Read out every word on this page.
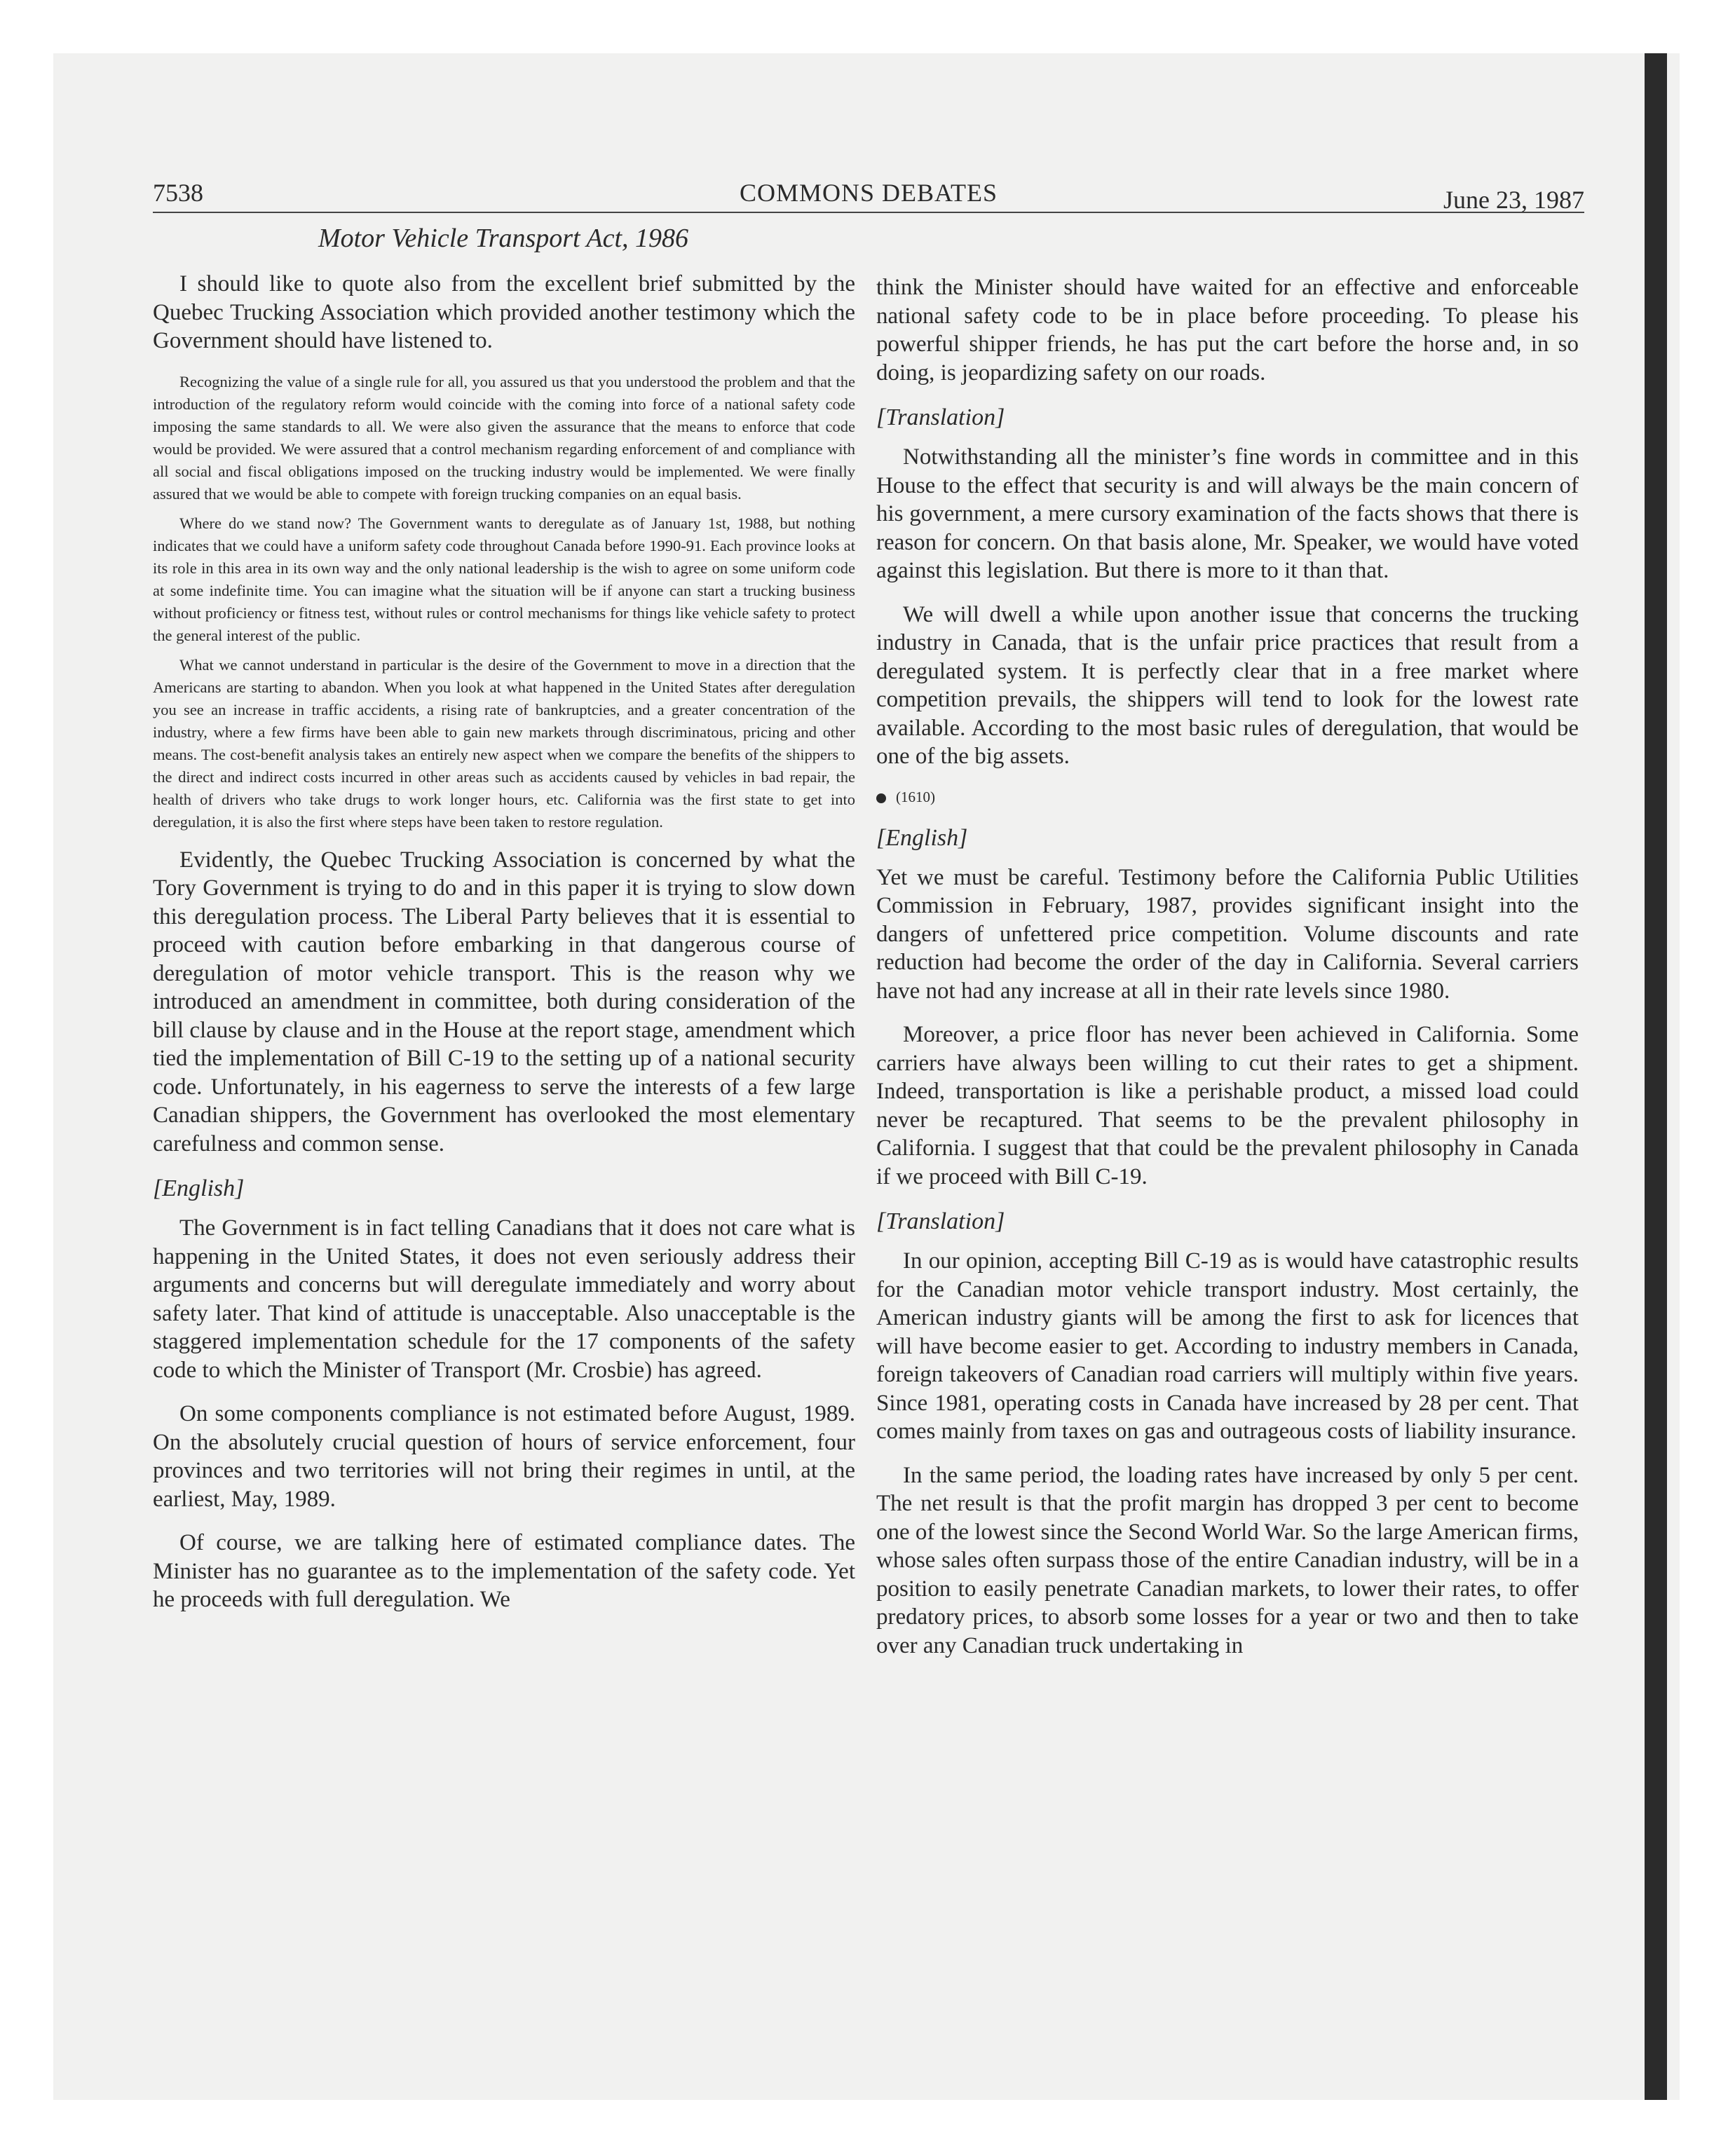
7538	COMMONS DEBATES	June 23, 1987
Motor Vehicle Transport Act, 1986

I should like to quote also from the excellent brief submitted by the Quebec Trucking Association which provided another testimony which the Government should have listened to.

Recognizing the value of a single rule for all, you assured us that you understood the problem and that the introduction of the regulatory reform would coincide with the coming into force of a national safety code imposing the same standards to all. We were also given the assurance that the means to enforce that code would be provided. We were assured that a control mechanism regarding enforcement of and compliance with all social and fiscal obligations imposed on the trucking industry would be implemented. We were finally assured that we would be able to compete with foreign trucking companies on an equal basis.

Where do we stand now? The Government wants to deregulate as of January 1st, 1988, but nothing indicates that we could have a uniform safety code throughout Canada before 1990-91. Each province looks at its role in this area in its own way and the only national leadership is the wish to agree on some uniform code at some indefinite time. You can imagine what the situation will be if anyone can start a trucking business without proficiency or fitness test, without rules or control mechanisms for things like vehicle safety to protect the general interest of the public.

What we cannot understand in particular is the desire of the Government to move in a direction that the Americans are starting to abandon. When you look at what happened in the United States after deregulation you see an increase in traffic accidents, a rising rate of bankruptcies, and a greater concentration of the industry, where a few firms have been able to gain new markets through discriminatous, pricing and other means. The cost-benefit analysis takes an entirely new aspect when we compare the benefits of the shippers to the direct and indirect costs incurred in other areas such as accidents caused by vehicles in bad repair, the health of drivers who take drugs to work longer hours, etc. California was the first state to get into deregulation, it is also the first where steps have been taken to restore regulation.

Evidently, the Quebec Trucking Association is concerned by what the Tory Government is trying to do and in this paper it is trying to slow down this deregulation process. The Liberal Party believes that it is essential to proceed with caution before embarking in that dangerous course of deregulation of motor vehicle transport. This is the reason why we introduced an amendment in committee, both during consideration of the bill clause by clause and in the House at the report stage, amendment which tied the implementation of Bill C-19 to the setting up of a national security code. Unfortunately, in his eagerness to serve the interests of a few large Canadian shippers, the Government has overlooked the most elementary carefulness and common sense.

[English]

The Government is in fact telling Canadians that it does not care what is happening in the United States, it does not even seriously address their arguments and concerns but will deregulate immediately and worry about safety later. That kind of attitude is unacceptable. Also unacceptable is the staggered implementation schedule for the 17 components of the safety code to which the Minister of Transport (Mr. Crosbie) has agreed.

On some components compliance is not estimated before August, 1989. On the absolutely crucial question of hours of service enforcement, four provinces and two territories will not bring their regimes in until, at the earliest, May, 1989.

Of course, we are talking here of estimated compliance dates. The Minister has no guarantee as to the implementation of the safety code. Yet he proceeds with full deregulation. We

think the Minister should have waited for an effective and enforceable national safety code to be in place before proceeding. To please his powerful shipper friends, he has put the cart before the horse and, in so doing, is jeopardizing safety on our roads.

[Translation]

Notwithstanding all the minister’s fine words in committee and in this House to the effect that security is and will always be the main concern of his government, a mere cursory examination of the facts shows that there is reason for concern. On that basis alone, Mr. Speaker, we would have voted against this legislation. But there is more to it than that.

We will dwell a while upon another issue that concerns the trucking industry in Canada, that is the unfair price practices that result from a deregulated system. It is perfectly clear that in a free market where competition prevails, the shippers will tend to look for the lowest rate available. According to the most basic rules of deregulation, that would be one of the big assets.

(1610)

[English]

Yet we must be careful. Testimony before the California Public Utilities Commission in February, 1987, provides significant insight into the dangers of unfettered price competition. Volume discounts and rate reduction had become the order of the day in California. Several carriers have not had any increase at all in their rate levels since 1980.

Moreover, a price floor has never been achieved in California. Some carriers have always been willing to cut their rates to get a shipment. Indeed, transportation is like a perishable product, a missed load could never be recaptured. That seems to be the prevalent philosophy in California. I suggest that that could be the prevalent philosophy in Canada if we proceed with Bill C-19.

[Translation]

In our opinion, accepting Bill C-19 as is would have catastrophic results for the Canadian motor vehicle transport industry. Most certainly, the American industry giants will be among the first to ask for licences that will have become easier to get. According to industry members in Canada, foreign takeovers of Canadian road carriers will multiply within five years. Since 1981, operating costs in Canada have increased by 28 per cent. That comes mainly from taxes on gas and outrageous costs of liability insurance.

In the same period, the loading rates have increased by only 5 per cent. The net result is that the profit margin has dropped 3 per cent to become one of the lowest since the Second World War. So the large American firms, whose sales often surpass those of the entire Canadian industry, will be in a position to easily penetrate Canadian markets, to lower their rates, to offer predatory prices, to absorb some losses for a year or two and then to take over any Canadian truck undertaking in
